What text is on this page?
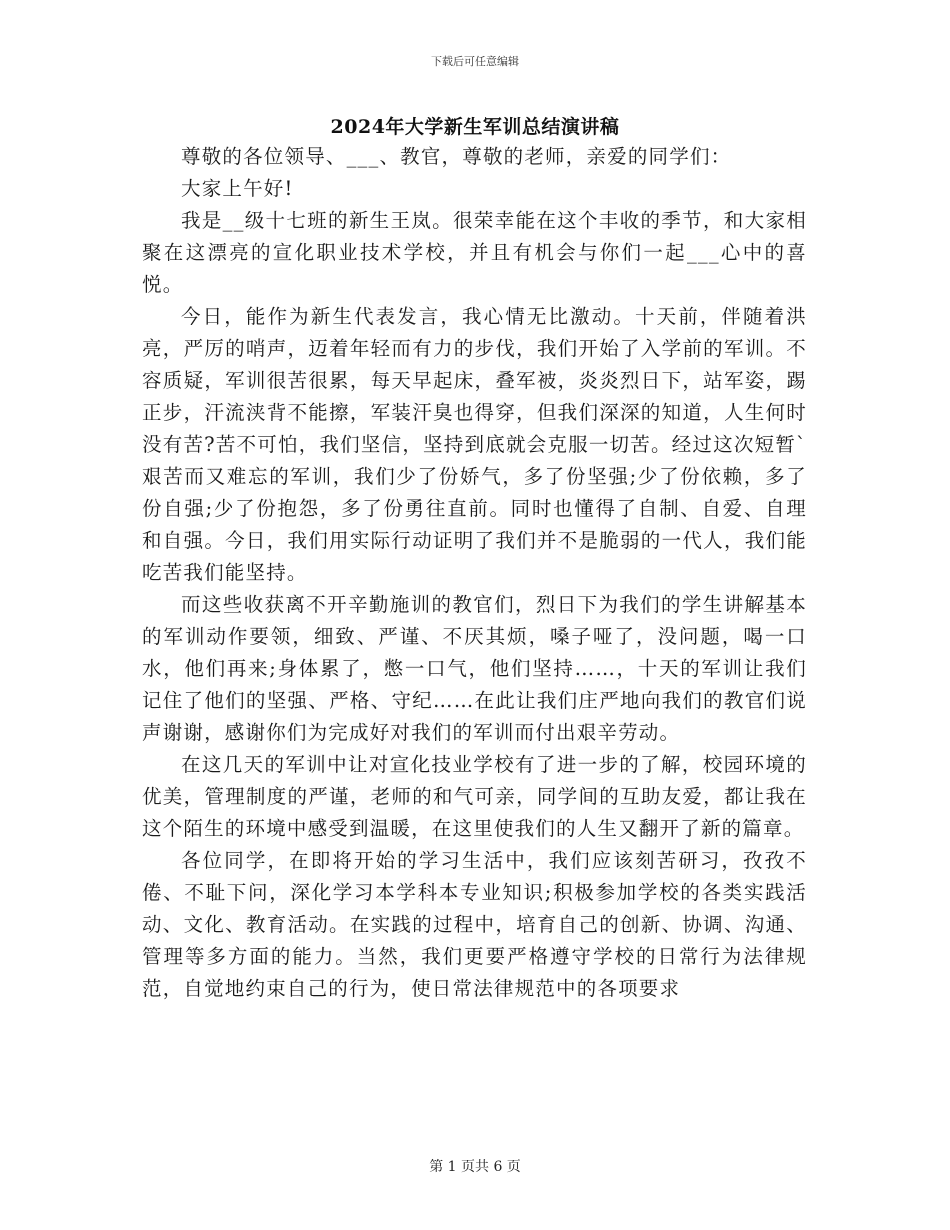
下载后可任意编辑
2024年大学新生军训总结演讲稿

尊敬的各位领导、___、教官，尊敬的老师，亲爱的同学们：

大家上午好!

我是__级十七班的新生王岚。很荣幸能在这个丰收的季节，和大家相聚在这漂亮的宣化职业技术学校，并且有机会与你们一起___心中的喜悦。

今日，能作为新生代表发言，我心情无比激动。十天前，伴随着洪亮，严厉的哨声，迈着年轻而有力的步伐，我们开始了入学前的军训。不容质疑，军训很苦很累，每天早起床，叠军被，炎炎烈日下，站军姿，踢正步，汗流浃背不能擦，军装汗臭也得穿，但我们深深的知道，人生何时没有苦?苦不可怕，我们坚信，坚持到底就会克服一切苦。经过这次短暂`艰苦而又难忘的军训，我们少了份娇气，多了份坚强;少了份依赖，多了份自强;少了份抱怨，多了份勇往直前。同时也懂得了自制、自爱、自理和自强。今日，我们用实际行动证明了我们并不是脆弱的一代人，我们能吃苦我们能坚持。

而这些收获离不开辛勤施训的教官们，烈日下为我们的学生讲解基本的军训动作要领，细致、严谨、不厌其烦，嗓子哑了，没问题，喝一口水，他们再来;身体累了，憋一口气，他们坚持……，十天的军训让我们记住了他们的坚强、严格、守纪……在此让我们庄严地向我们的教官们说声谢谢，感谢你们为完成好对我们的军训而付出艰辛劳动。

在这几天的军训中让对宣化技业学校有了进一步的了解，校园环境的优美，管理制度的严谨，老师的和气可亲，同学间的互助友爱，都让我在这个陌生的环境中感受到温暖，在这里使我们的人生又翻开了新的篇章。

各位同学，在即将开始的学习生活中，我们应该刻苦研习，孜孜不倦、不耻下问，深化学习本学科本专业知识;积极参加学校的各类实践活动、文化、教育活动。在实践的过程中，培育自己的创新、协调、沟通、管理等多方面的能力。当然，我们更要严格遵守学校的日常行为法律规范，自觉地约束自己的行为，使日常法律规范中的各项要求

第 1 页共 6 页
